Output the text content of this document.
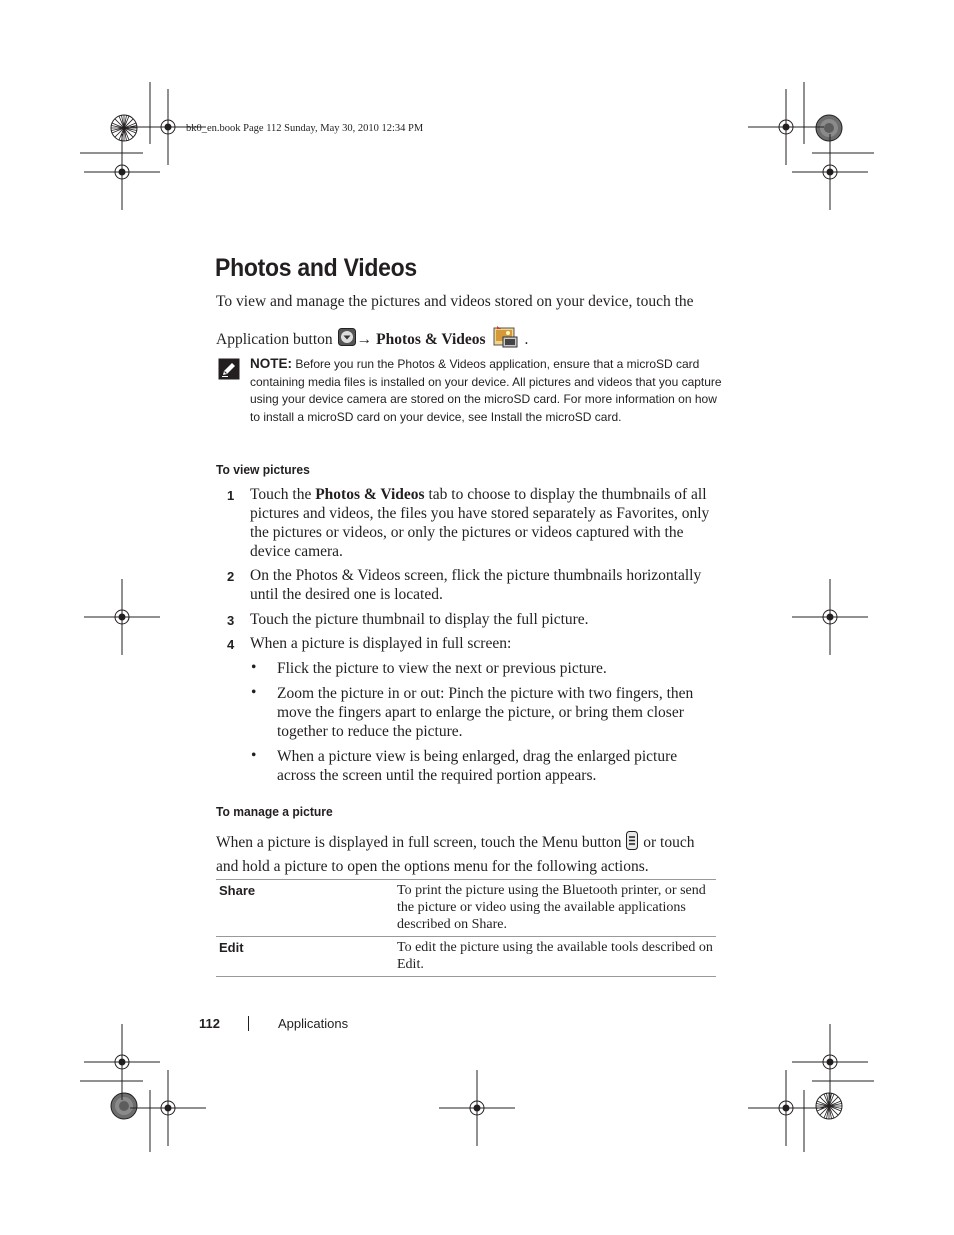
bk0_en.book Page 112 Sunday, May 30, 2010 12:34 PM
Photos and Videos
To view and manage the pictures and videos stored on your device, touch the
Application button → Photos & Videos	.
NOTE: Before you run the Photos & Videos application, ensure that a microSD card containing media files is installed on your device. All pictures and videos that you capture using your device camera are stored on the microSD card. For more information on how to install a microSD card on your device, see Install the microSD card.
To view pictures
1 Touch the Photos & Videos tab to choose to display the thumbnails of all pictures and videos, the files you have stored separately as Favorites, only the pictures or videos, or only the pictures or videos captured with the device camera.
2 On the Photos & Videos screen, flick the picture thumbnails horizontally until the desired one is located.
3 Touch the picture thumbnail to display the full picture.
4 When a picture is displayed in full screen:
• Flick the picture to view the next or previous picture.
• Zoom the picture in or out: Pinch the picture with two fingers, then move the fingers apart to enlarge the picture, or bring them closer together to reduce the picture.
• When a picture view is being enlarged, drag the enlarged picture across the screen until the required portion appears.
To manage a picture
When a picture is displayed in full screen, touch the Menu button or touch and hold a picture to open the options menu for the following actions.
Share	To print the picture using the Bluetooth printer, or send the picture or video using the available applications described on Share.
Edit	To edit the picture using the available tools described on Edit.
112	Applications
